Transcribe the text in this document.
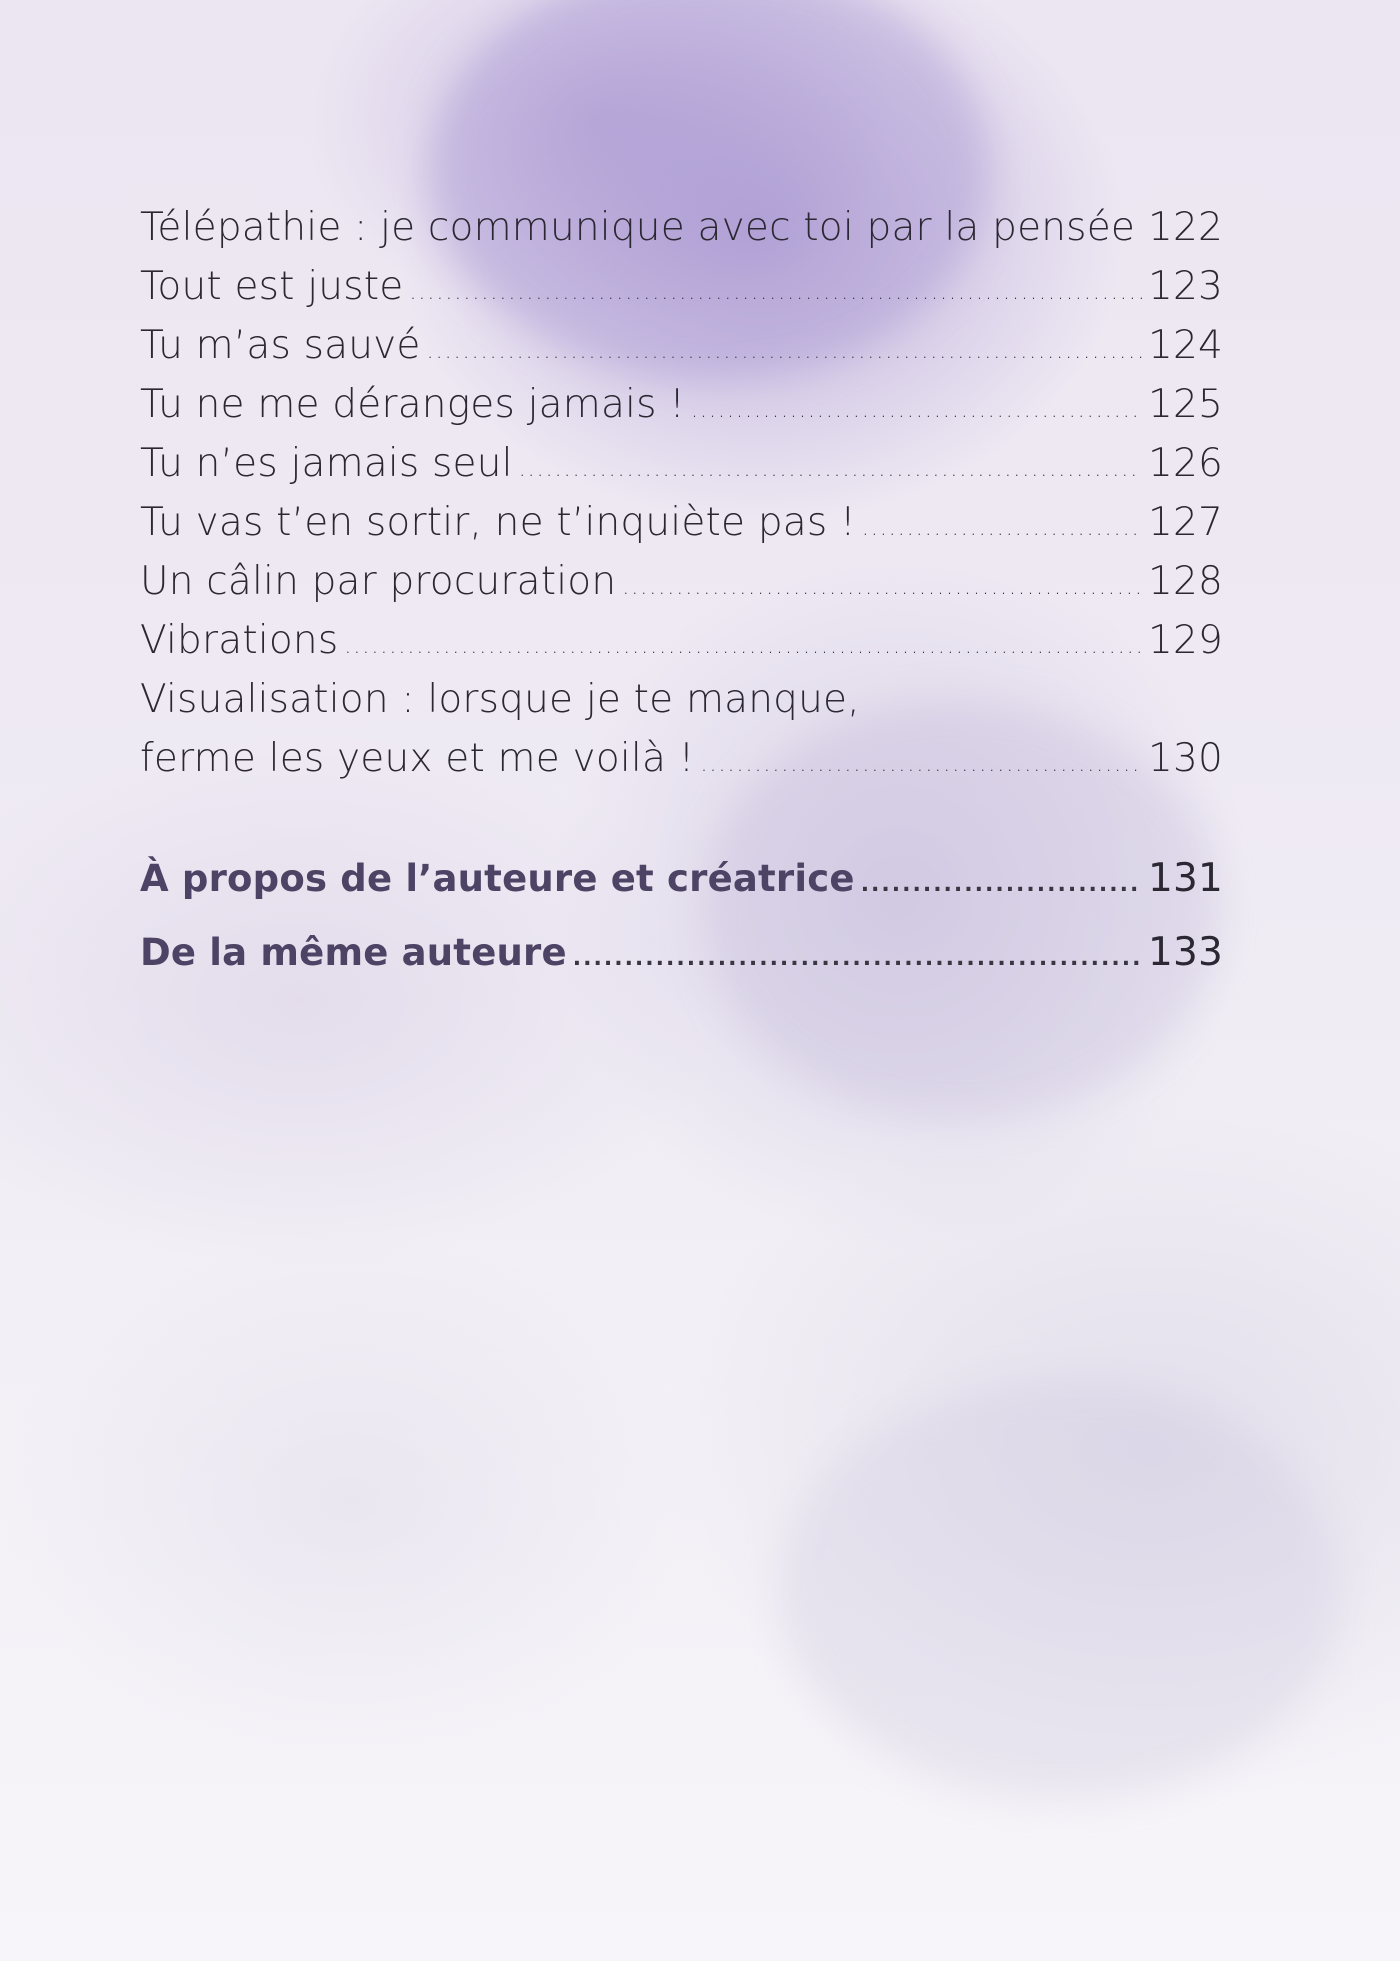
Télépathie : je communique avec toi par la pensée 122
Tout est juste .....	123
Tu m’as sauvé .....	124
Tu ne me déranges jamais ! .....	125
Tu n’es jamais seul .....	126
Tu vas t’en sortir, ne t’inquiète pas ! .....	127
Un câlin par procuration .....	128
Vibrations .....	129
Visualisation : lorsque je te manque,
ferme les yeux et me voilà ! .....	130
À propos de l’auteure et créatrice .....	131
De la même auteure .....	133
